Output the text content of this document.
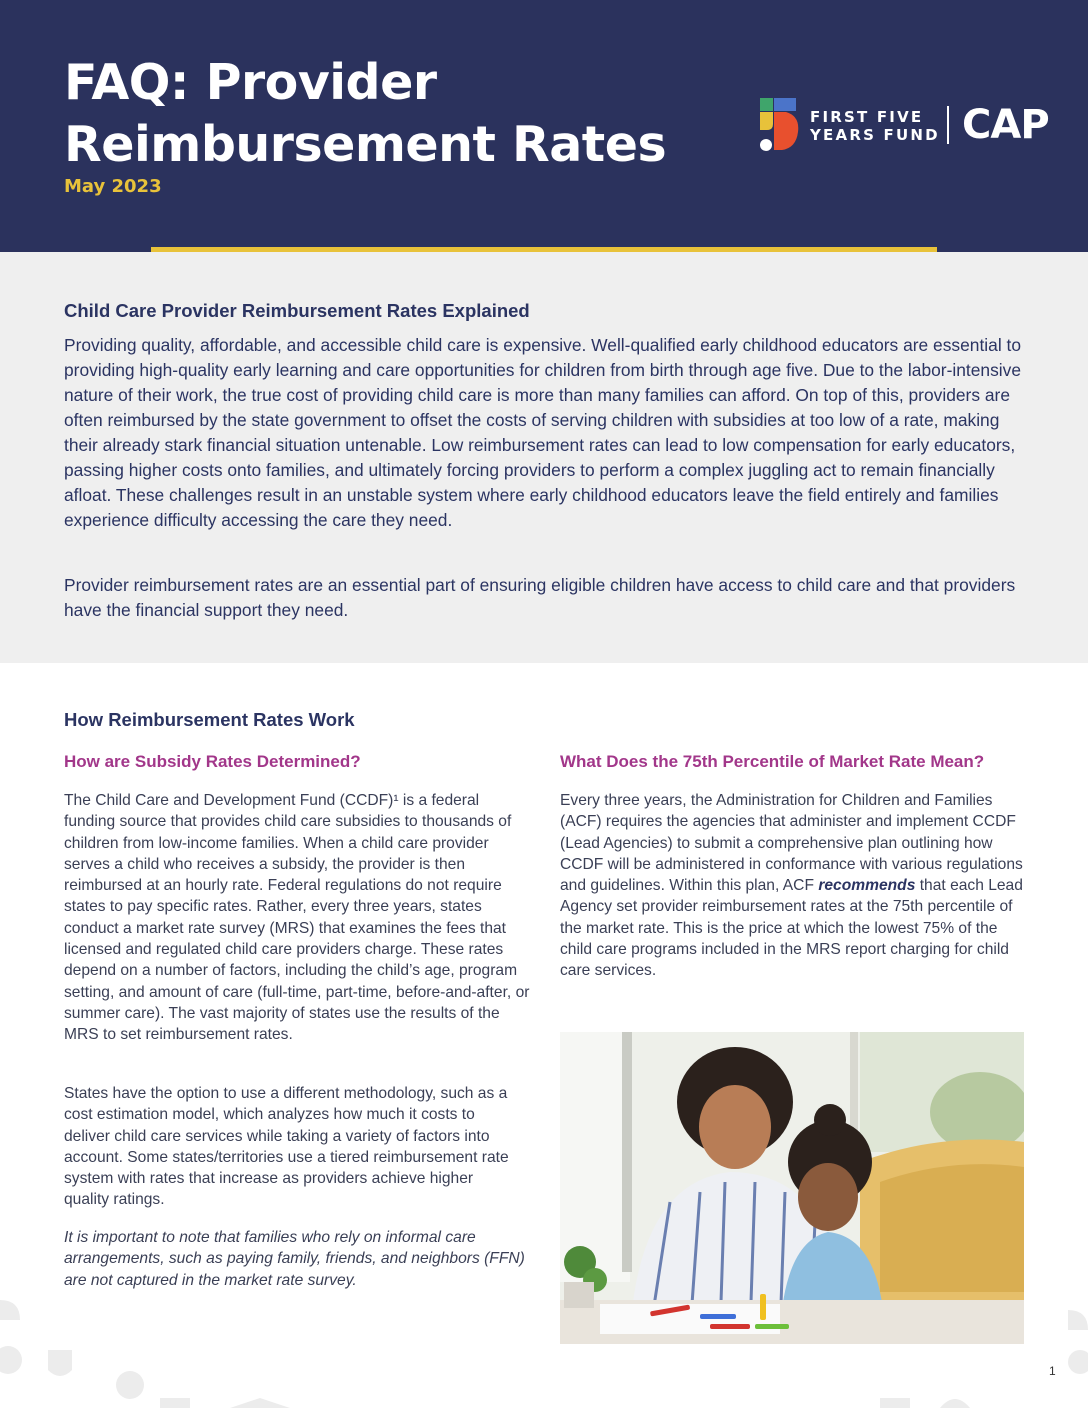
FAQ: Provider
Reimbursement Rates
May 2023
FIRST FIVE
YEARS FUND CAP
Child Care Provider Reimbursement Rates Explained

Providing quality, affordable, and accessible child care is expensive. Well-qualified early childhood educators are essential to providing high-quality early learning and care opportunities for children from birth through age five. Due to the labor-intensive nature of their work, the true cost of providing child care is more than many families can afford. On top of this, providers are often reimbursed by the state government to offset the costs of serving children with subsidies at too low of a rate, making their already stark financial situation untenable. Low reimbursement rates can lead to low compensation for early educators, passing higher costs onto families, and ultimately forcing providers to perform a complex juggling act to remain financially afloat. These challenges result in an unstable system where early childhood educators leave the field entirely and families experience difficulty accessing the care they need.

Provider reimbursement rates are an essential part of ensuring eligible children have access to child care and that providers have the financial support they need.

How Reimbursement Rates Work
How are Subsidy Rates Determined?

The Child Care and Development Fund (CCDF)¹ is a federal funding source that provides child care subsidies to thousands of children from low-income families. When a child care provider serves a child who receives a subsidy, the provider is then reimbursed at an hourly rate. Federal regulations do not require states to pay specific rates. Rather, every three years, states conduct a market rate survey (MRS) that examines the fees that licensed and regulated child care providers charge. These rates depend on a number of factors, including the child’s age, program setting, and amount of care (full-time, part-time, before-and-after, or summer care). The vast majority of states use the results of the MRS to set reimbursement rates.

States have the option to use a different methodology, such as a cost estimation model, which analyzes how much it costs to deliver child care services while taking a variety of factors into account. Some states/territories use a tiered reimbursement rate system with rates that increase as providers achieve higher quality ratings.

It is important to note that families who rely on informal care arrangements, such as paying family, friends, and neighbors (FFN) are not captured in the market rate survey.

What Does the 75th Percentile of Market Rate Mean?

Every three years, the Administration for Children and Families (ACF) requires the agencies that administer and implement CCDF (Lead Agencies) to submit a comprehensive plan outlining how CCDF will be administered in conformance with various regulations and guidelines. Within this plan, ACF recommends that each Lead Agency set provider reimbursement rates at the 75th percentile of the market rate. This is the price at which the lowest 75% of the child care programs included in the MRS report charging for child care services.

1
